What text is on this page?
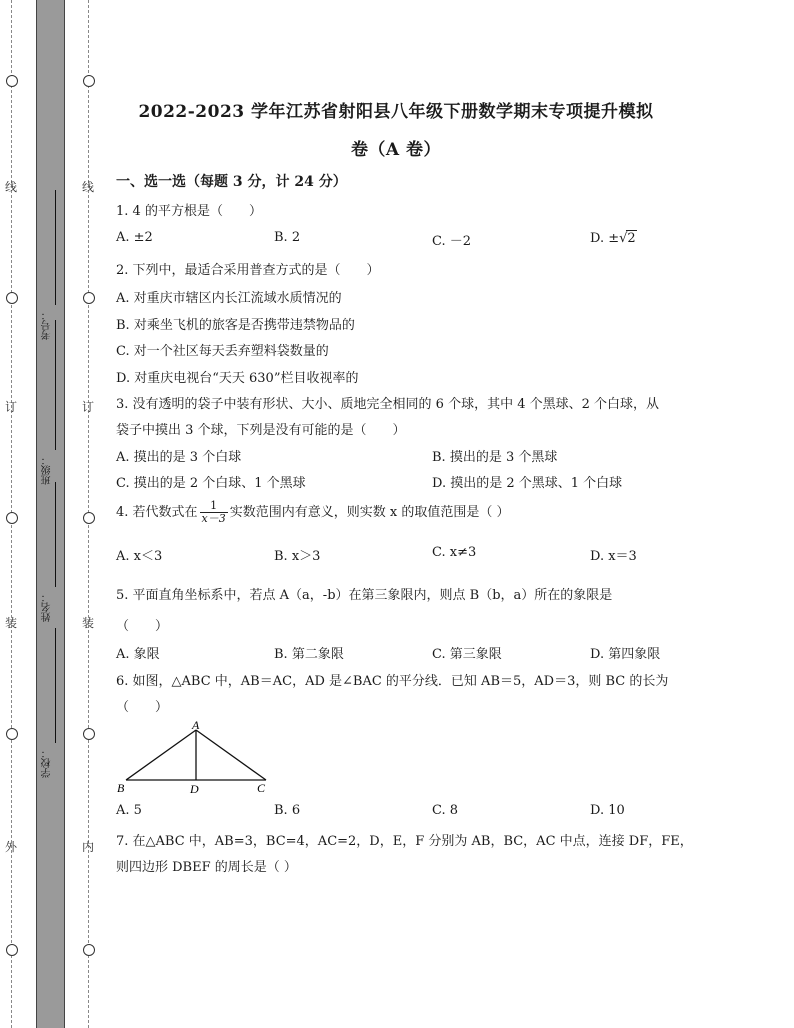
线
订
装
外
线
订
装
内
考号：
班级：
姓名：
学校：
2022-2023 学年江苏省射阳县八年级下册数学期末专项提升模拟
卷（A 卷）
一、选一选（每题 3 分，计 24 分）
1. 4 的平方根是（　　）
A. ±2	B. 2	C. －2	D. ±√2
2. 下列中，最适合采用普查方式的是（　　）
A. 对重庆市辖区内长江流域水质情况的
B. 对乘坐飞机的旅客是否携带违禁物品的
C. 对一个社区每天丢弃塑料袋数量的
D. 对重庆电视台“天天 630”栏目收视率的
3. 没有透明的袋子中装有形状、大小、质地完全相同的 6 个球，其中 4 个黑球、2 个白球，从
袋子中摸出 3 个球，下列是没有可能的是（　　）
A. 摸出的是 3 个白球	B. 摸出的是 3 个黑球
C. 摸出的是 2 个白球、1 个黑球	D. 摸出的是 2 个黑球、1 个白球
4. 若代数式在 $\frac{1}{x-3}$ 实数范围内有意义，则实数 x 的取值范围是（ ）
A. x＜3	B. x＞3	C. x≠3	D. x＝3
5. 平面直角坐标系中，若点 A（a，-b）在第三象限内，则点 B（b，a）所在的象限是
（　　）
A. 象限	B. 第二象限	C. 第三象限	D. 第四象限
6. 如图，△ABC 中，AB＝AC，AD 是∠BAC 的平分线．已知 AB＝5，AD＝3，则 BC 的长为
（　　）
A
B	D	C
A. 5	B. 6	C. 8	D. 10
7. 在△ABC 中，AB=3，BC=4，AC=2，D，E，F 分别为 AB，BC，AC 中点，连接 DF，FE，
则四边形 DBEF 的周长是（ ）
